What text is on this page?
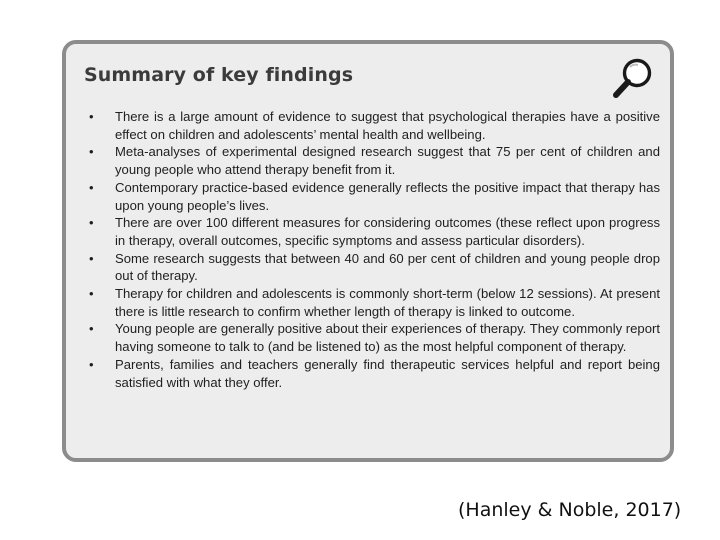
Summary of key findings
• There is a large amount of evidence to suggest that psychological therapies have a positive effect on children and adolescents’ mental health and wellbeing.
• Meta-analyses of experimental designed research suggest that 75 per cent of children and young people who attend therapy benefit from it.
• Contemporary practice-based evidence generally reflects the positive impact that therapy has upon young people’s lives.
• There are over 100 different measures for considering outcomes (these reflect upon progress in therapy, overall outcomes, specific symptoms and assess particular disorders).
• Some research suggests that between 40 and 60 per cent of children and young people drop out of therapy.
• Therapy for children and adolescents is commonly short-term (below 12 sessions). At present there is little research to confirm whether length of therapy is linked to outcome.
• Young people are generally positive about their experiences of therapy. They commonly report having someone to talk to (and be listened to) as the most helpful component of therapy.
• Parents, families and teachers generally find therapeutic services helpful and report being satisfied with what they offer.
(Hanley & Noble, 2017)
